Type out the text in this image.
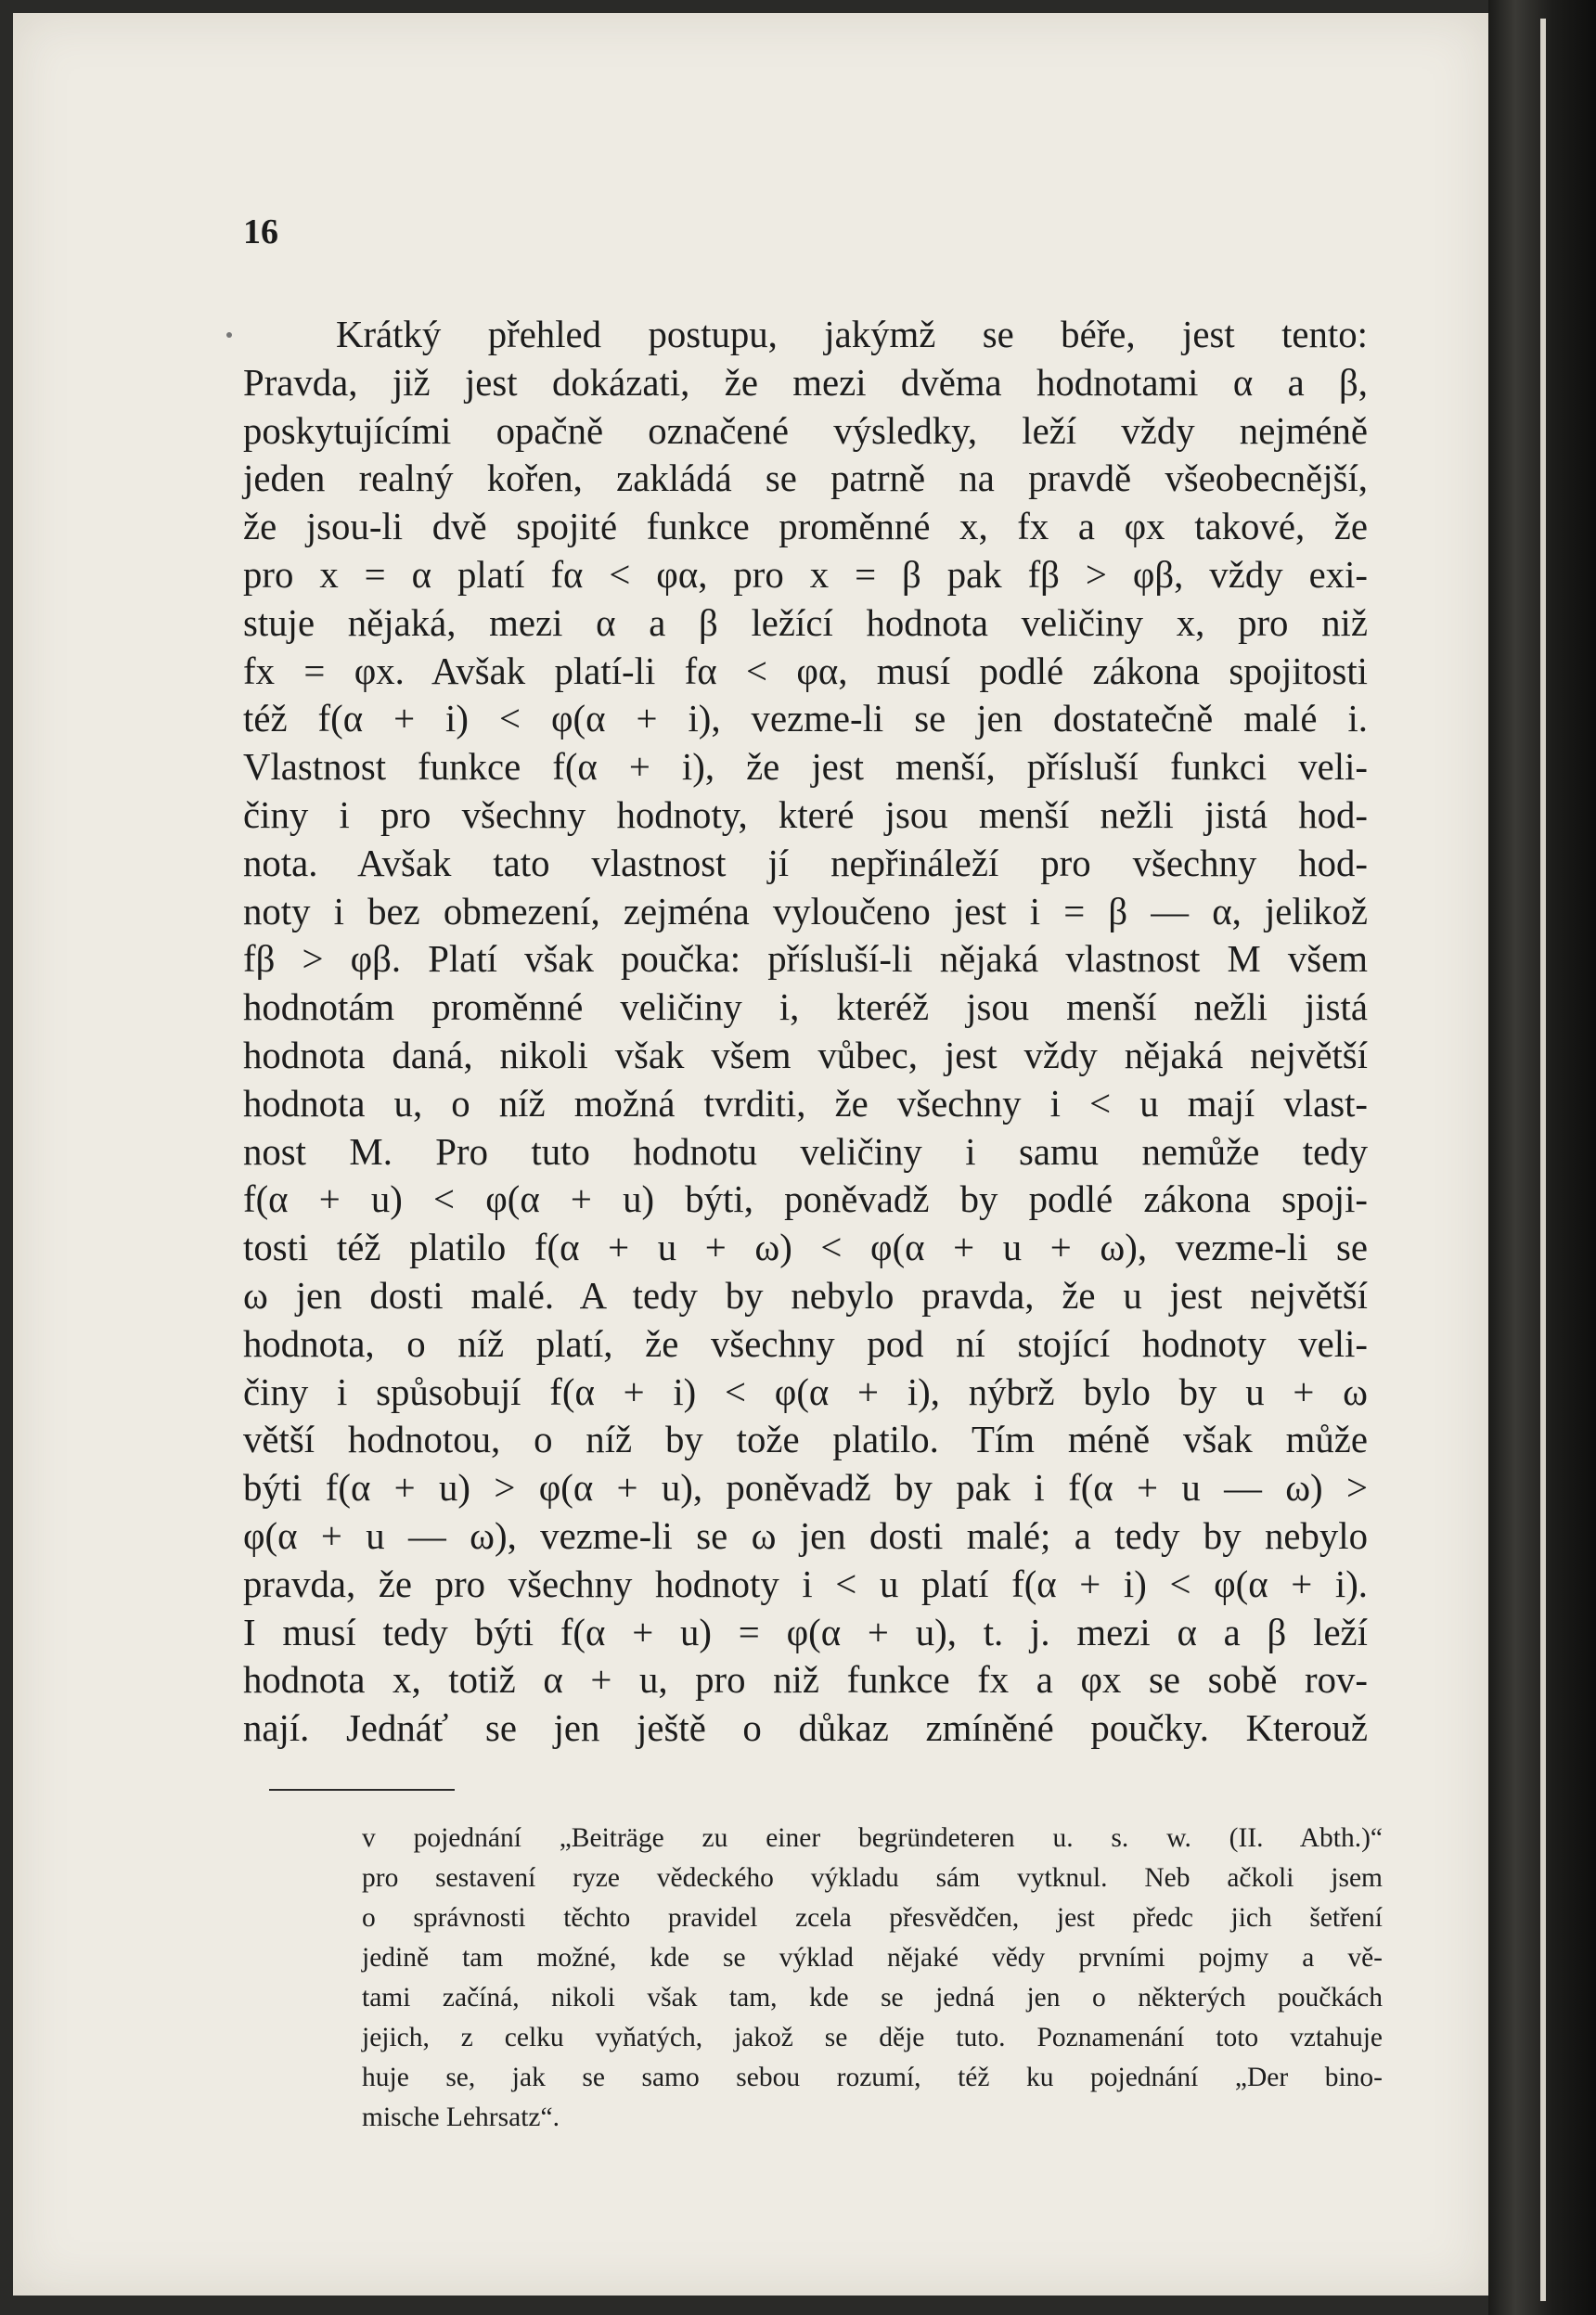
16
Krátký přehled postupu, jakýmž se béře, jest tento:
Pravda, již jest dokázati, že mezi dvěma hodnotami α a β,
poskytujícími opačně označené výsledky, leží vždy nejméně
jeden realný kořen, zakládá se patrně na pravdě všeobecnější,
že jsou-li dvě spojité funkce proměnné x, fx a φx takové, že
pro x = α platí fα < φα, pro x = β pak fβ > φβ, vždy exi-
stuje nějaká, mezi α a β ležící hodnota veličiny x, pro niž
fx = φx. Avšak platí-li fα < φα, musí podlé zákona spojitosti
též f(α + i) < φ(α + i), vezme-li se jen dostatečně malé i.
Vlastnost funkce f(α + i), že jest menší, přísluší funkci veli-
činy i pro všechny hodnoty, které jsou menší nežli jistá hod-
nota. Avšak tato vlastnost jí nepřináleží pro všechny hod-
noty i bez obmezení, zejména vyloučeno jest i = β — α, jelikož
fβ > φβ. Platí však poučka: přísluší-li nějaká vlastnost M všem
hodnotám proměnné veličiny i, kteréž jsou menší nežli jistá
hodnota daná, nikoli však všem vůbec, jest vždy nějaká největší
hodnota u, o níž možná tvrditi, že všechny i < u mají vlast-
nost M. Pro tuto hodnotu veličiny i samu nemůže tedy
f(α + u) < φ(α + u) býti, poněvadž by podlé zákona spoji-
tosti též platilo f(α + u + ω) < φ(α + u + ω), vezme-li se
ω jen dosti malé. A tedy by nebylo pravda, že u jest největší
hodnota, o níž platí, že všechny pod ní stojící hodnoty veli-
činy i spůsobují f(α + i) < φ(α + i), nýbrž bylo by u + ω
větší hodnotou, o níž by tože platilo. Tím méně však může
býti f(α + u) > φ(α + u), poněvadž by pak i f(α + u — ω) >
φ(α + u — ω), vezme-li se ω jen dosti malé; a tedy by nebylo
pravda, že pro všechny hodnoty i < u platí f(α + i) < φ(α + i).
I musí tedy býti f(α + u) = φ(α + u), t. j. mezi α a β leží
hodnota x, totiž α + u, pro niž funkce fx a φx se sobě rov-
nají. Jednáť se jen ještě o důkaz zmíněné poučky. Kterouž
v pojednání „Beiträge zu einer begründeteren u. s. w. (II. Abth.)“
pro sestavení ryze vědeckého výkladu sám vytknul. Neb ačkoli jsem
o správnosti těchto pravidel zcela přesvědčen, jest předc jich šetření
jedině tam možné, kde se výklad nějaké vědy prvními pojmy a vě-
tami začíná, nikoli však tam, kde se jedná jen o některých poučkách
jejich, z celku vyňatých, jakož se děje tuto. Poznamenání toto vztahuje
huje se, jak se samo sebou rozumí, též ku pojednání „Der bino-
mische Lehrsatz“.
